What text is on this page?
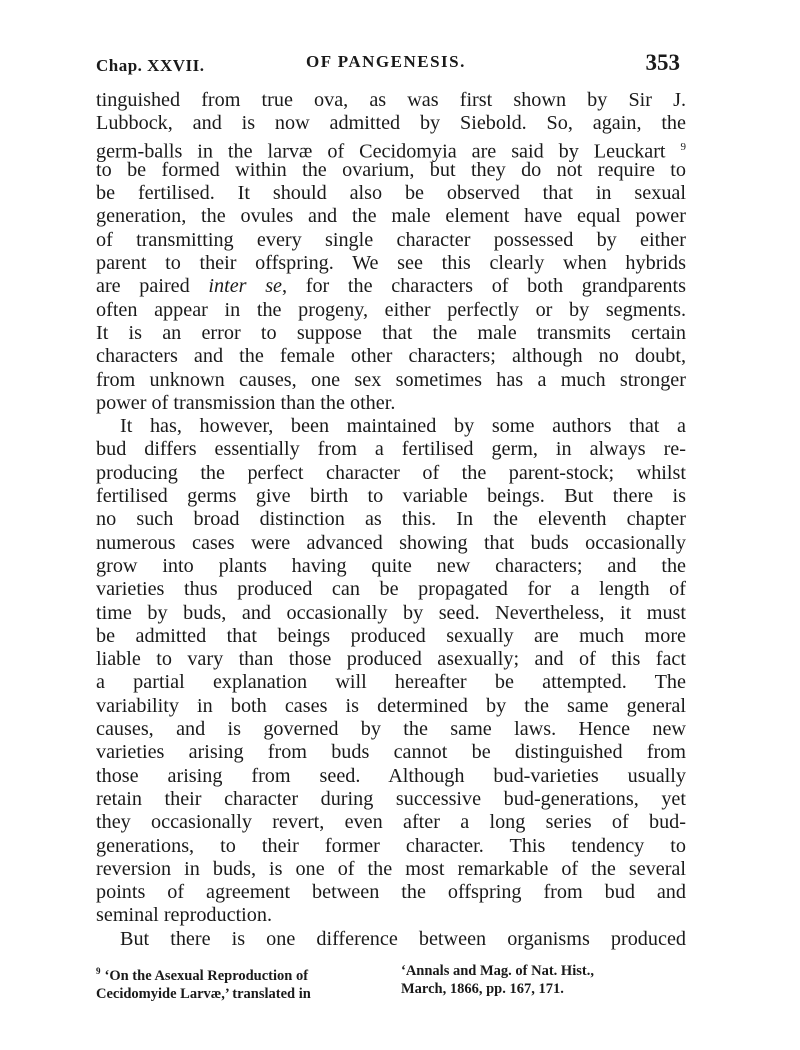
Chap. XXVII.	OF PANGENESIS.	353
tinguished from true ova, as was first shown by Sir J.
Lubbock, and is now admitted by Siebold. So, again, the
germ-balls in the larvæ of Cecidomyia are said by Leuckart $^9$
to be formed within the ovarium, but they do not require to
be fertilised. It should also be observed that in sexual
generation, the ovules and the male element have equal power
of transmitting every single character possessed by either
parent to their offspring. We see this clearly when hybrids
are paired inter se, for the characters of both grandparents
often appear in the progeny, either perfectly or by segments.
It is an error to suppose that the male transmits certain
characters and the female other characters; although no doubt,
from unknown causes, one sex sometimes has a much stronger
power of transmission than the other.
It has, however, been maintained by some authors that a
bud differs essentially from a fertilised germ, in always re-
producing the perfect character of the parent-stock; whilst
fertilised germs give birth to variable beings. But there is
no such broad distinction as this. In the eleventh chapter
numerous cases were advanced showing that buds occasionally
grow into plants having quite new characters; and the
varieties thus produced can be propagated for a length of
time by buds, and occasionally by seed. Nevertheless, it must
be admitted that beings produced sexually are much more
liable to vary than those produced asexually; and of this fact
a partial explanation will hereafter be attempted. The
variability in both cases is determined by the same general
causes, and is governed by the same laws. Hence new
varieties arising from buds cannot be distinguished from
those arising from seed. Although bud-varieties usually
retain their character during successive bud-generations, yet
they occasionally revert, even after a long series of bud-
generations, to their former character. This tendency to
reversion in buds, is one of the most remarkable of the several
points of agreement between the offspring from bud and
seminal reproduction.
But there is one difference between organisms produced
$^9$ ‘On the Asexual Reproduction of
Cecidomyide Larvæ,’ translated in
‘Annals and Mag. of Nat. Hist.,
March, 1866, pp. 167, 171.
